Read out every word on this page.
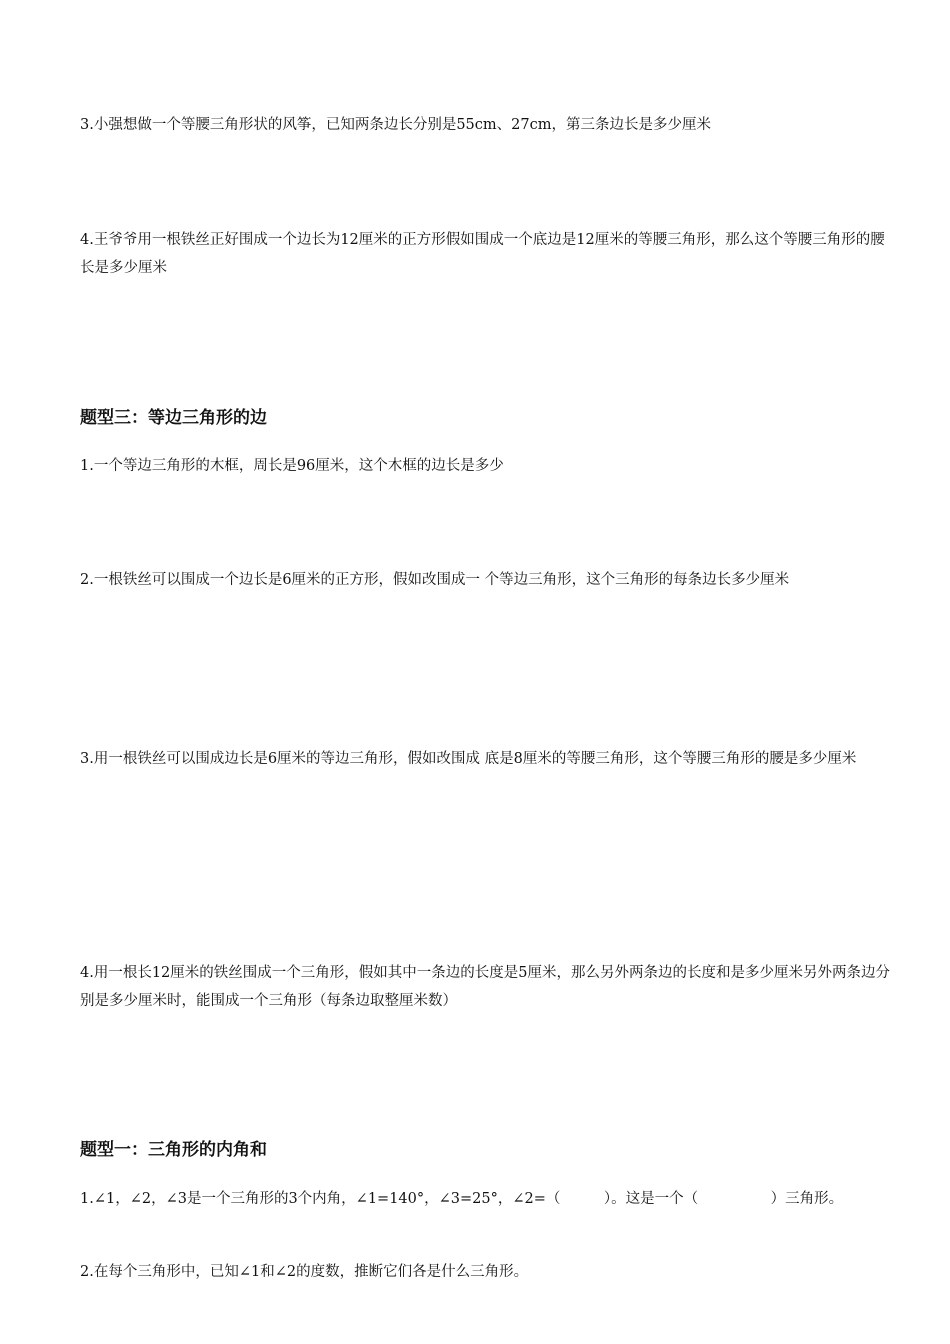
3.小强想做一个等腰三角形状的风筝，已知两条边长分别是55cm、27cm，第三条边长是多少厘米

4.王爷爷用一根铁丝正好围成一个边长为12厘米的正方形假如围成一个底边是12厘米的等腰三角形，那么这个等腰三角形的腰长是多少厘米

题型三：等边三角形的边

1.一个等边三角形的木框，周长是96厘米，这个木框的边长是多少

2.一根铁丝可以围成一个边长是6厘米的正方形，假如改围成一 个等边三角形，这个三角形的每条边长多少厘米

3.用一根铁丝可以围成边长是6厘米的等边三角形，假如改围成 底是8厘米的等腰三角形，这个等腰三角形的腰是多少厘米

4.用一根长12厘米的铁丝围成一个三角形，假如其中一条边的长度是5厘米，那么另外两条边的长度和是多少厘米另外两条边分别是多少厘米时，能围成一个三角形（每条边取整厘米数）

题型一：三角形的内角和

1.∠1，∠2，∠3是一个三角形的3个内角，∠1=140°，∠3=25°，∠2=（　　　）。这是一个（　　　　　）三角形。

2.在每个三角形中，已知∠1和∠2的度数，推断它们各是什么三角形。
